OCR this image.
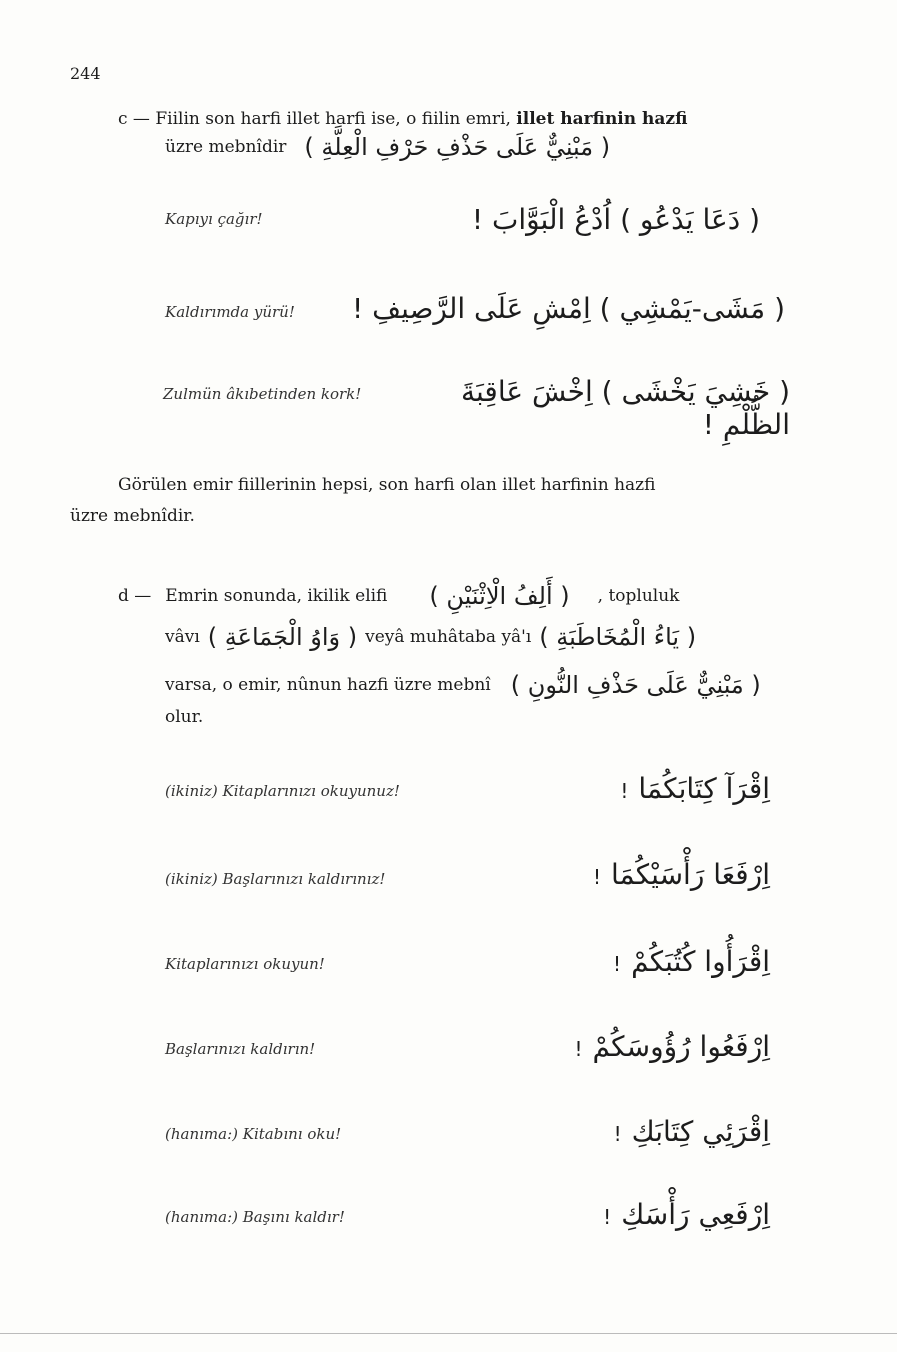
244
c — Fiilin son harfi illet harfi ise, o fiilin emri, illet harfinin hazfi
üzre mebnîdir ( مَبْنِيٌّ عَلَى حَذْفِ حَرْفِ الْعِلَّةِ )
Kapıyı çağır!	( دَعَا يَدْعُو ) اُدْعُ الْبَوَّابَ !
Kaldırımda yürü! ( مَشَى-يَمْشِي ) اِمْشِ عَلَى الرَّصِيفِ !
Zulmün âkıbetinden kork!	( خَشِيَ يَخْشَى ) اِخْشَ عَاقِبَةَ الظُّلْمِ !
Görülen emir fiillerinin hepsi, son harfi olan illet harfinin hazfi
üzre mebnîdir.
d — Emrin sonunda, ikilik elifi ( أَلِفُ الْاِثْنَيْنِ ) , topluluk
vâvı ( وَاوُ الْجَمَاعَةِ ) veyâ muhâtaba yâ'ı ( يَاءُ الْمُخَاطَبَةِ )
varsa, o emir, nûnun hazfi üzre mebnî ( مَبْنِيٌّ عَلَى حَذْفِ النُّونِ )
olur.
(ikiniz) Kitaplarınızı okuyunuz!	اِقْرَآ كِتَابَكُمَا!
(ikiniz) Başlarınızı kaldırınız!	اِرْفَعَا رَأْسَيْكُمَا!
Kitaplarınızı okuyun!	اِقْرَأُوا كُتُبَكُمْ!
Başlarınızı kaldırın!	اِرْفَعُوا رُؤُوسَكُمْ!
(hanıma:) Kitabını oku!	اِقْرَئِي كِتَابَكِ!
(hanıma:) Başını kaldır!	اِرْفَعِي رَأْسَكِ!
